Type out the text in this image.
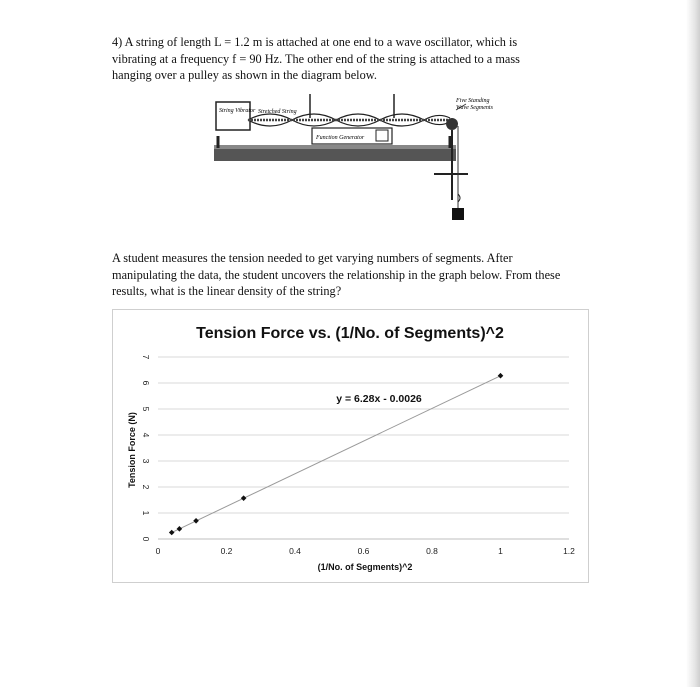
4) A string of length L = 1.2 m is attached at one end to a wave oscillator, which is vibrating at a frequency f = 90 Hz. The other end of the string is attached to a mass hanging over a pulley as shown in the diagram below.

String Vibrator Stretched String
Function Generator
Five Standing
Wave Segments

A student measures the tension needed to get varying numbers of segments. After manipulating the data, the student uncovers the relationship in the graph below. From these results, what is the linear density of the string?

Tension Force vs. (1/No. of Segments)^2
0
1
2
3
4
5
6
7
0	0.2	0.4	0.6	0.8	1	1.2
y = 6.28x - 0.0026
(1/No. of Segments)^2
Tension Force (N)
